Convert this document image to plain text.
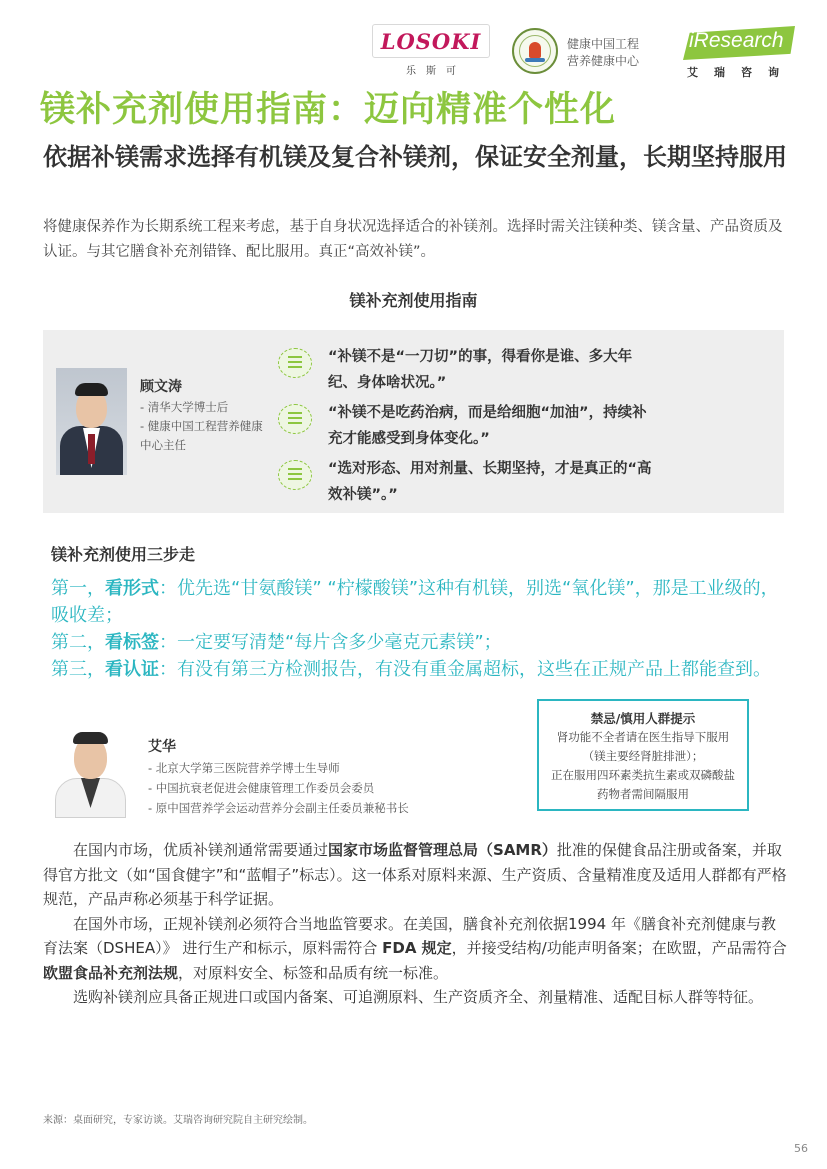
LOSOKI
乐斯可
健康中国工程
营养健康中心
iResearch
艾瑞咨询
镁补充剂使用指南：迈向精准个性化
依据补镁需求选择有机镁及复合补镁剂，保证安全剂量，长期坚持服用

将健康保养作为长期系统工程来考虑，基于自身状况选择适合的补镁剂。选择时需关注镁种类、镁含量、产品资质及认证。与其它膳食补充剂错锋、配比服用。真正“高效补镁”。

镁补充剂使用指南
顾文涛
- 清华大学博士后
- 健康中国工程营养健康中心主任
“补镁不是“一刀切”的事，得看你是谁、多大年纪、身体啥状况。”
“补镁不是吃药治病，而是给细胞“加油”，持续补充才能感受到身体变化。”
“选对形态、用对剂量、长期坚持，才是真正的“高效补镁”。”
镁补充剂使用三步走
第一，看形式：优先选“甘氨酸镁” “柠檬酸镁”这种有机镁，别选“氧化镁”，那是工业级的，吸收差；
第二，看标签：一定要写清楚“每片含多少毫克元素镁”；
第三，看认证：有没有第三方检测报告，有没有重金属超标，这些在正规产品上都能查到。
艾华
- 北京大学第三医院营养学博士生导师
- 中国抗衰老促进会健康管理工作委员会委员
- 原中国营养学会运动营养分会副主任委员兼秘书长
禁忌/慎用人群提示
肾功能不全者请在医生指导下服用（镁主要经肾脏排泄）；
正在服用四环素类抗生素或双磷酸盐药物者需间隔服用

在国内市场，优质补镁剂通常需要通过国家市场监督管理总局（SAMR）批准的保健食品注册或备案，并取得官方批文（如“国食健字”和“蓝帽子”标志）。这一体系对原料来源、生产资质、含量精准度及适用人群都有严格规范，产品声称必须基于科学证据。

在国外市场，正规补镁剂必须符合当地监管要求。在美国，膳食补充剂依据1994 年《膳食补充剂健康与教育法案（DSHEA）》 进行生产和标示，原料需符合 FDA 规定，并接受结构/功能声明备案；在欧盟，产品需符合欧盟食品补充剂法规，对原料安全、标签和品质有统一标准。

选购补镁剂应具备正规进口或国内备案、可追溯原料、生产资质齐全、剂量精准、适配目标人群等特征。

来源：桌面研究，专家访谈。艾瑞咨询研究院自主研究绘制。
56
